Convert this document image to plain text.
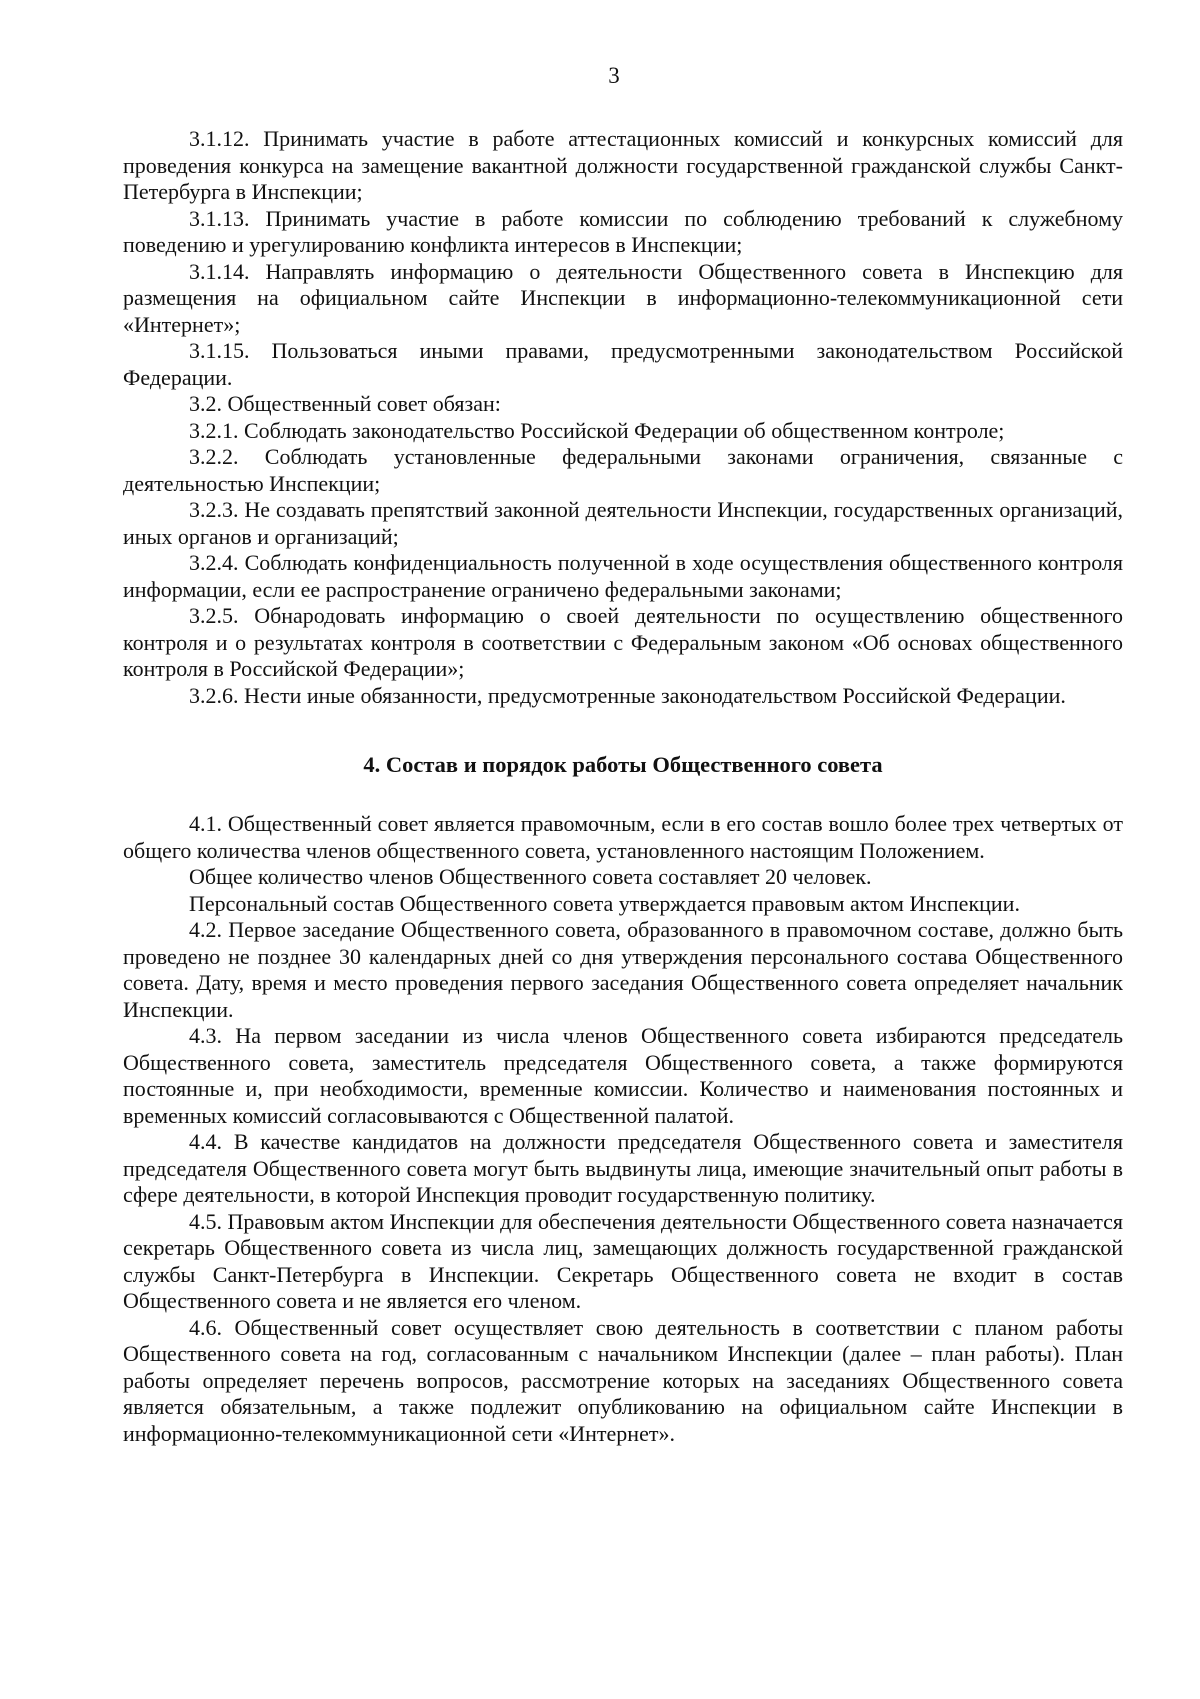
3

3.1.12. Принимать участие в работе аттестационных комиссий и конкурсных комиссий для проведения конкурса на замещение вакантной должности государственной гражданской службы Санкт-Петербурга в Инспекции;

3.1.13. Принимать участие в работе комиссии по соблюдению требований к служебному поведению и урегулированию конфликта интересов в Инспекции;

3.1.14. Направлять информацию о деятельности Общественного совета в Инспекцию для размещения на официальном сайте Инспекции в информационно-телекоммуникационной сети «Интернет»;

3.1.15. Пользоваться иными правами, предусмотренными законодательством Российской Федерации.

3.2. Общественный совет обязан:

3.2.1. Соблюдать законодательство Российской Федерации об общественном контроле;

3.2.2. Соблюдать установленные федеральными законами ограничения, связанные с деятельностью Инспекции;

3.2.3. Не создавать препятствий законной деятельности Инспекции, государственных организаций, иных органов и организаций;

3.2.4. Соблюдать конфиденциальность полученной в ходе осуществления общественного контроля информации, если ее распространение ограничено федеральными законами;

3.2.5. Обнародовать информацию о своей деятельности по осуществлению общественного контроля и о результатах контроля в соответствии с Федеральным законом «Об основах общественного контроля в Российской Федерации»;

3.2.6. Нести иные обязанности, предусмотренные законодательством Российской Федерации.

4. Состав и порядок работы Общественного совета

4.1. Общественный совет является правомочным, если в его состав вошло более трех четвертых от общего количества членов общественного совета, установленного настоящим Положением.

Общее количество членов Общественного совета составляет 20 человек.

Персональный состав Общественного совета утверждается правовым актом Инспекции.

4.2. Первое заседание Общественного совета, образованного в правомочном составе, должно быть проведено не позднее 30 календарных дней со дня утверждения персонального состава Общественного совета. Дату, время и место проведения первого заседания Общественного совета определяет начальник Инспекции.

4.3. На первом заседании из числа членов Общественного совета избираются председатель Общественного совета, заместитель председателя Общественного совета, а также формируются постоянные и, при необходимости, временные комиссии. Количество и наименования постоянных и временных комиссий согласовываются с Общественной палатой.

4.4. В качестве кандидатов на должности председателя Общественного совета и заместителя председателя Общественного совета могут быть выдвинуты лица, имеющие значительный опыт работы в сфере деятельности, в которой Инспекция проводит государственную политику.

4.5. Правовым актом Инспекции для обеспечения деятельности Общественного совета назначается секретарь Общественного совета из числа лиц, замещающих должность государственной гражданской службы Санкт-Петербурга в Инспекции. Секретарь Общественного совета не входит в состав Общественного совета и не является его членом.

4.6. Общественный совет осуществляет свою деятельность в соответствии с планом работы Общественного совета на год, согласованным с начальником Инспекции (далее – план работы). План работы определяет перечень вопросов, рассмотрение которых на заседаниях Общественного совета является обязательным, а также подлежит опубликованию на официальном сайте Инспекции в информационно-телекоммуникационной сети «Интернет».
